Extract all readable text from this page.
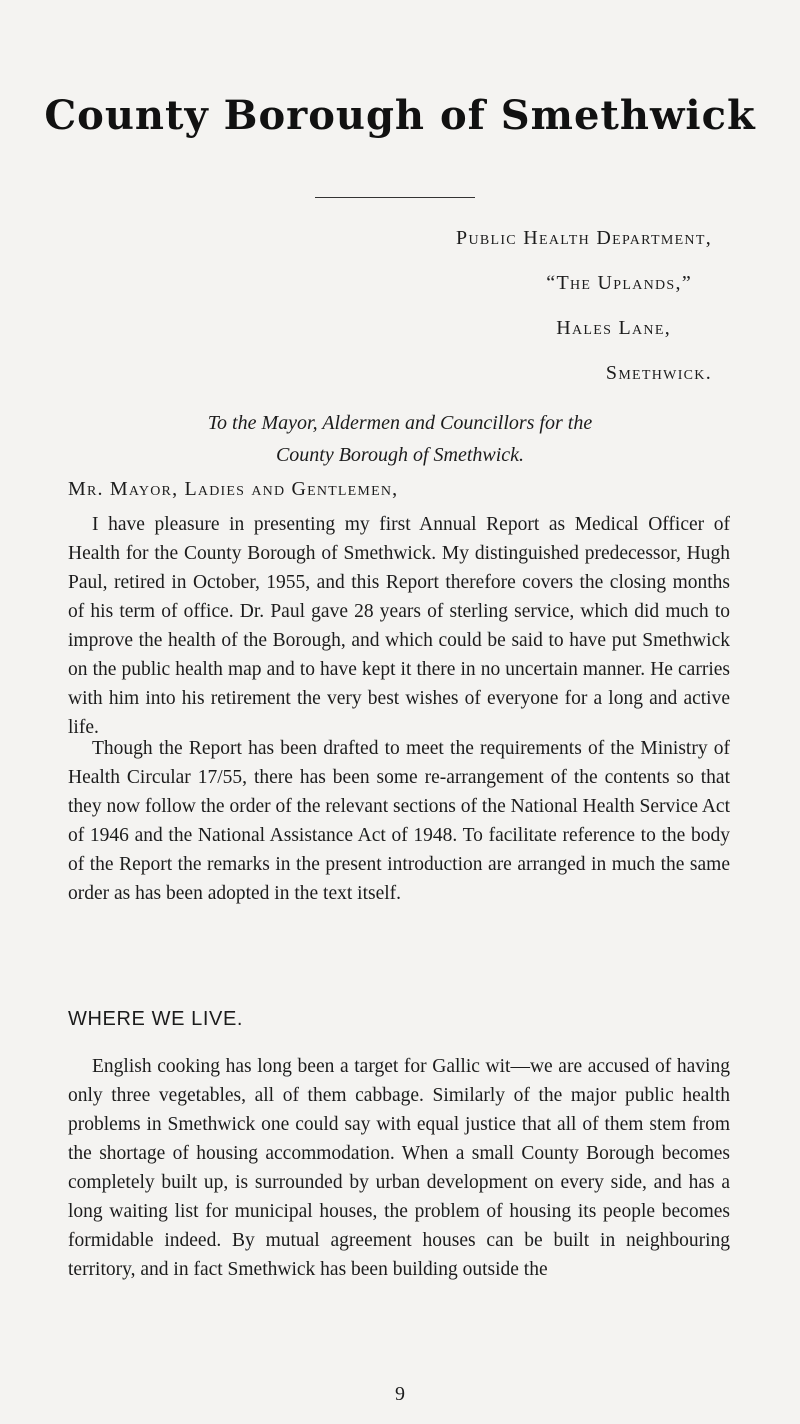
County Borough of Smethwick
Public Health Department,
“The Uplands,”
Hales Lane,
Smethwick.
To the Mayor, Aldermen and Councillors for the
County Borough of Smethwick.
Mr. Mayor, Ladies and Gentlemen,

I have pleasure in presenting my first Annual Report as Medical Officer of Health for the County Borough of Smethwick. My distinguished predecessor, Hugh Paul, retired in October, 1955, and this Report therefore covers the closing months of his term of office. Dr. Paul gave 28 years of sterling service, which did much to improve the health of the Borough, and which could be said to have put Smethwick on the public health map and to have kept it there in no uncertain manner. He carries with him into his retirement the very best wishes of everyone for a long and active life.

Though the Report has been drafted to meet the requirements of the Ministry of Health Circular 17/55, there has been some re-arrangement of the contents so that they now follow the order of the relevant sections of the National Health Service Act of 1946 and the National Assistance Act of 1948. To facilitate reference to the body of the Report the remarks in the present introduction are arranged in much the same order as has been adopted in the text itself.

WHERE WE LIVE.

English cooking has long been a target for Gallic wit—we are accused of having only three vegetables, all of them cabbage. Similarly of the major public health problems in Smethwick one could say with equal justice that all of them stem from the shortage of housing accommodation. When a small County Borough becomes completely built up, is surrounded by urban development on every side, and has a long waiting list for municipal houses, the problem of housing its people becomes formidable indeed. By mutual agreement houses can be built in neighbouring territory, and in fact Smethwick has been building outside the

9
